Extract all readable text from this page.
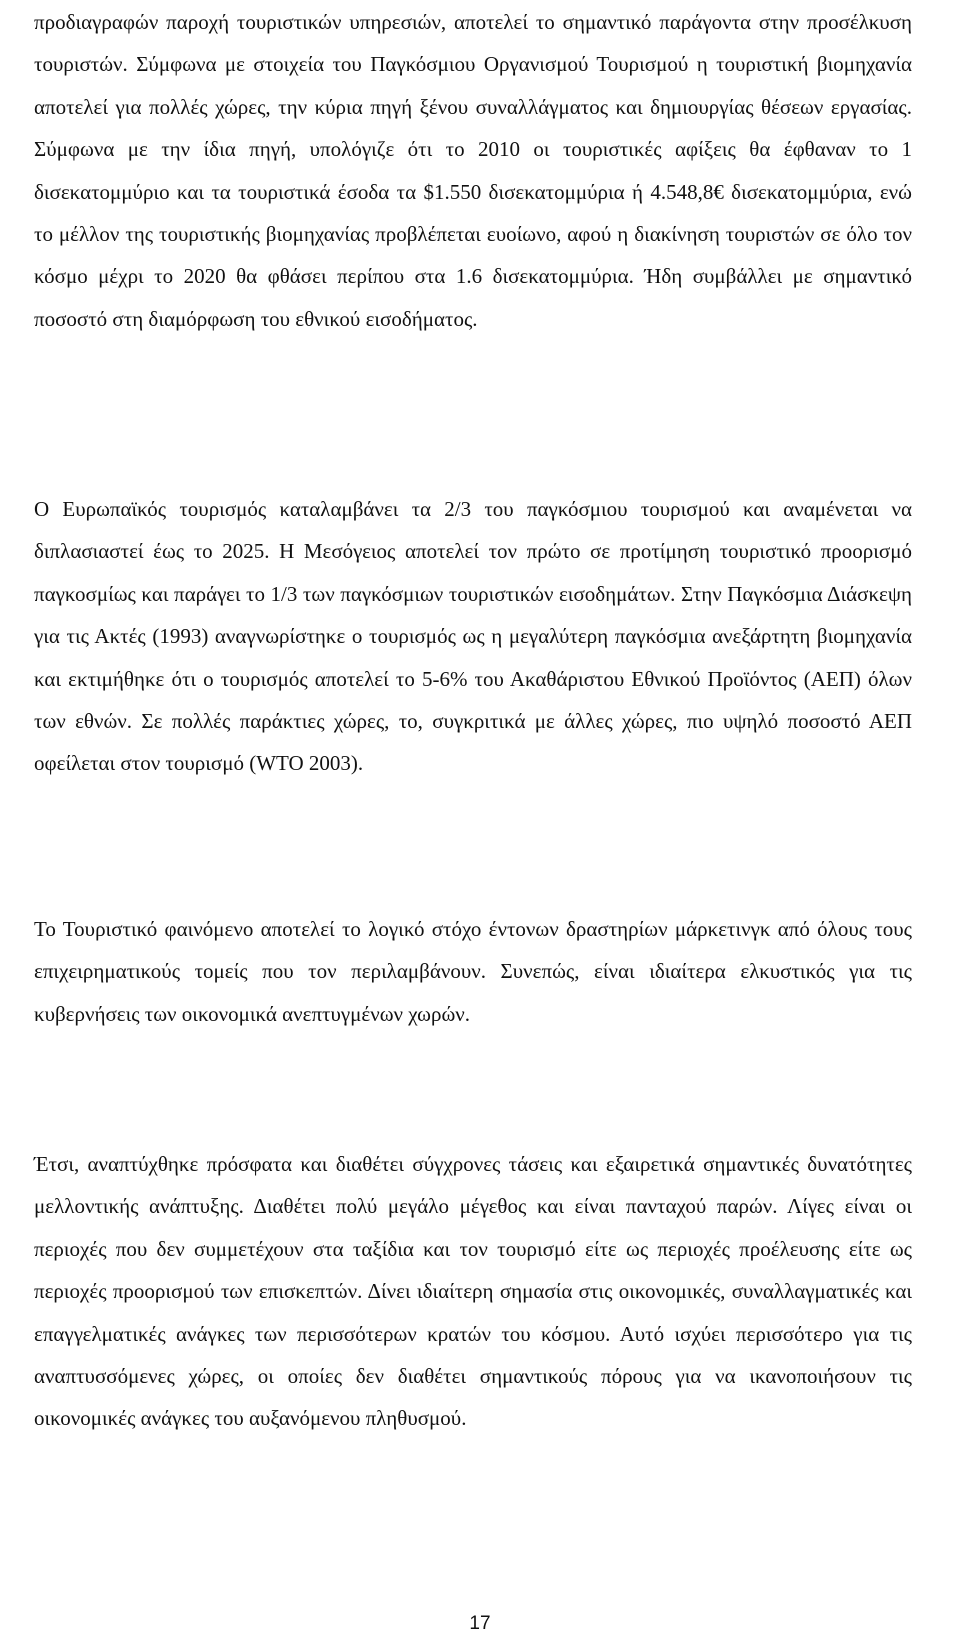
προδιαγραφών παροχή τουριστικών υπηρεσιών, αποτελεί το σημαντικό παράγοντα στην προσέλκυση τουριστών. Σύμφωνα με στοιχεία του Παγκόσμιου Οργανισμού Τουρισμού η τουριστική βιομηχανία αποτελεί για πολλές χώρες, την κύρια πηγή ξένου συναλλάγματος και δημιουργίας θέσεων εργασίας. Σύμφωνα με την ίδια πηγή, υπολόγιζε ότι το 2010 οι τουριστικές αφίξεις θα έφθαναν το 1 δισεκατομμύριο και τα τουριστικά έσοδα τα $1.550 δισεκατομμύρια ή 4.548,8€ δισεκατομμύρια, ενώ το μέλλον της τουριστικής βιομηχανίας προβλέπεται ευοίωνο, αφού η διακίνηση τουριστών σε όλο τον κόσμο μέχρι το 2020 θα φθάσει περίπου στα 1.6 δισεκατομμύρια. Ήδη συμβάλλει με σημαντικό ποσοστό στη διαμόρφωση του εθνικού εισοδήματος.

Ο Ευρωπαϊκός τουρισμός καταλαμβάνει τα 2/3 του παγκόσμιου τουρισμού και αναμένεται να διπλασιαστεί έως το 2025. Η Μεσόγειος αποτελεί τον πρώτο σε προτίμηση τουριστικό προορισμό παγκοσμίως και παράγει το 1/3 των παγκόσμιων τουριστικών εισοδημάτων. Στην Παγκόσμια Διάσκεψη για τις Ακτές (1993) αναγνωρίστηκε ο τουρισμός ως η μεγαλύτερη παγκόσμια ανεξάρτητη βιομηχανία και εκτιμήθηκε ότι ο τουρισμός αποτελεί το 5-6% του Ακαθάριστου Εθνικού Προϊόντος (ΑΕΠ) όλων των εθνών. Σε πολλές παράκτιες χώρες, το, συγκριτικά με άλλες χώρες, πιο υψηλό ποσοστό ΑΕΠ οφείλεται στον τουρισμό (WTO 2003).

Το Τουριστικό φαινόμενο αποτελεί το λογικό στόχο έντονων δραστηρίων μάρκετινγκ από όλους τους επιχειρηματικούς τομείς που τον περιλαμβάνουν. Συνεπώς, είναι ιδιαίτερα ελκυστικός για τις κυβερνήσεις των οικονομικά ανεπτυγμένων χωρών.

Έτσι, αναπτύχθηκε πρόσφατα και διαθέτει σύγχρονες τάσεις και εξαιρετικά σημαντικές δυνατότητες μελλοντικής ανάπτυξης. Διαθέτει πολύ μεγάλο μέγεθος και είναι πανταχού παρών. Λίγες είναι οι περιοχές που δεν συμμετέχουν στα ταξίδια και τον τουρισμό είτε ως περιοχές προέλευσης είτε ως περιοχές προορισμού των επισκεπτών. Δίνει ιδιαίτερη σημασία στις οικονομικές, συναλλαγματικές και επαγγελματικές ανάγκες των περισσότερων κρατών του κόσμου. Αυτό ισχύει περισσότερο για τις αναπτυσσόμενες χώρες, οι οποίες δεν διαθέτει σημαντικούς πόρους για να ικανοποιήσουν τις οικονομικές ανάγκες του αυξανόμενου πληθυσμού.

17
